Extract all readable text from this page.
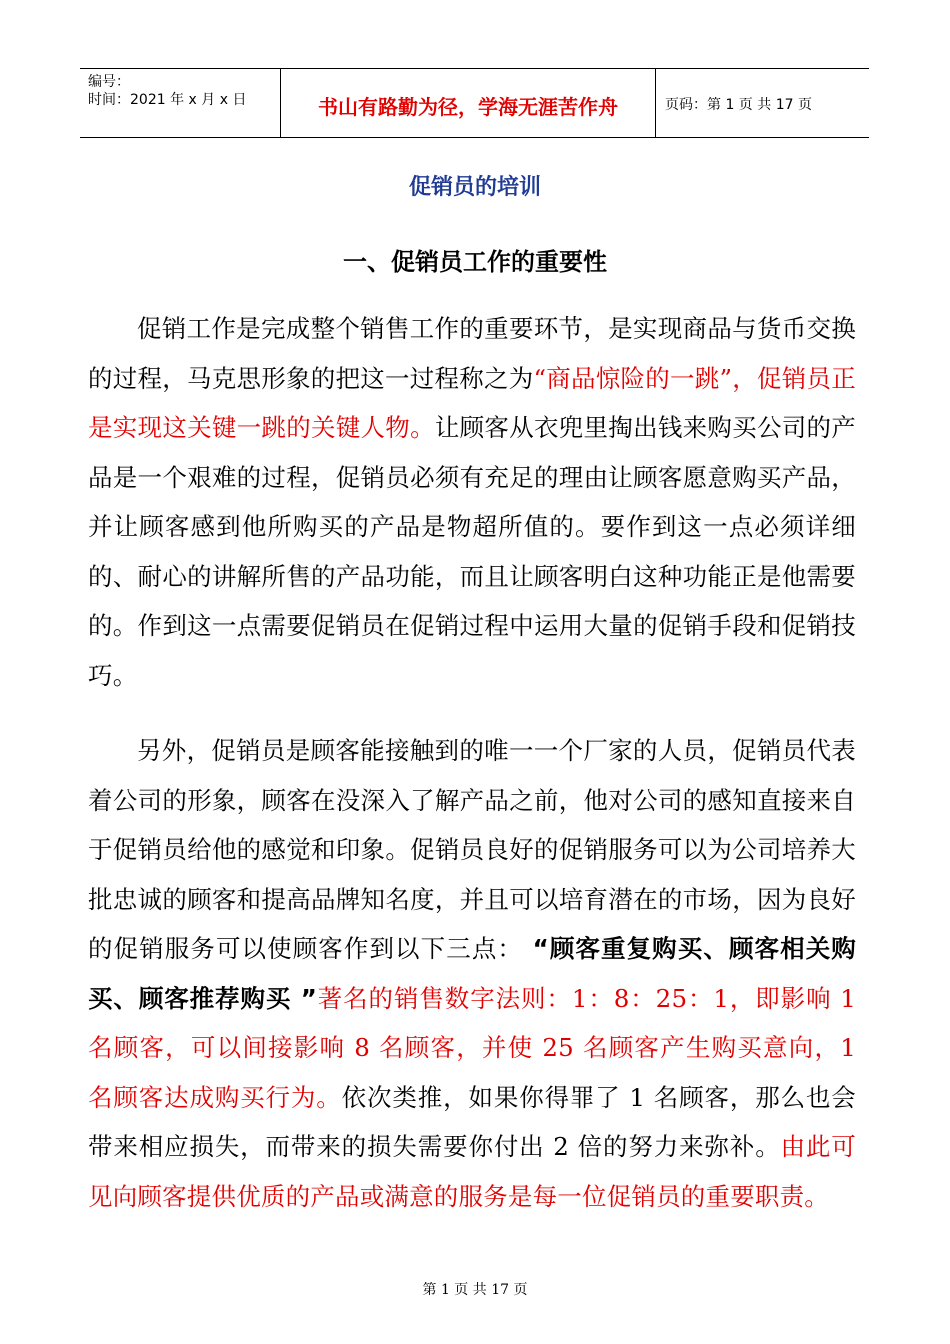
编号：
时间：2021 年 x 月 x 日	书山有路勤为径，学海无涯苦作舟	页码：第 1 页 共 17 页
促销员的培训
一、促销员工作的重要性
促销工作是完成整个销售工作的重要环节，是实现商品与货币交换的过程，马克思形象的把这一过程称之为“商品惊险的一跳”，促销员正是实现这关键一跳的关键人物。让顾客从衣兜里掏出钱来购买公司的产品是一个艰难的过程，促销员必须有充足的理由让顾客愿意购买产品，并让顾客感到他所购买的产品是物超所值的。要作到这一点必须详细的、耐心的讲解所售的产品功能，而且让顾客明白这种功能正是他需要的。作到这一点需要促销员在促销过程中运用大量的促销手段和促销技巧。
另外，促销员是顾客能接触到的唯一一个厂家的人员，促销员代表着公司的形象，顾客在没深入了解产品之前，他对公司的感知直接来自于促销员给他的感觉和印象。促销员良好的促销服务可以为公司培养大批忠诚的顾客和提高品牌知名度，并且可以培育潜在的市场，因为良好的促销服务可以使顾客作到以下三点： “顾客重复购买、顾客相关购买、顾客推荐购买 ”著名的销售数字法则：1：8：25：1，即影响 1 名顾客，可以间接影响 8 名顾客，并使 25 名顾客产生购买意向，1 名顾客达成购买行为。依次类推，如果你得罪了 1 名顾客，那么也会带来相应损失，而带来的损失需要你付出 2 倍的努力来弥补。由此可见向顾客提供优质的产品或满意的服务是每一位促销员的重要职责。
第 1 页 共 17 页
